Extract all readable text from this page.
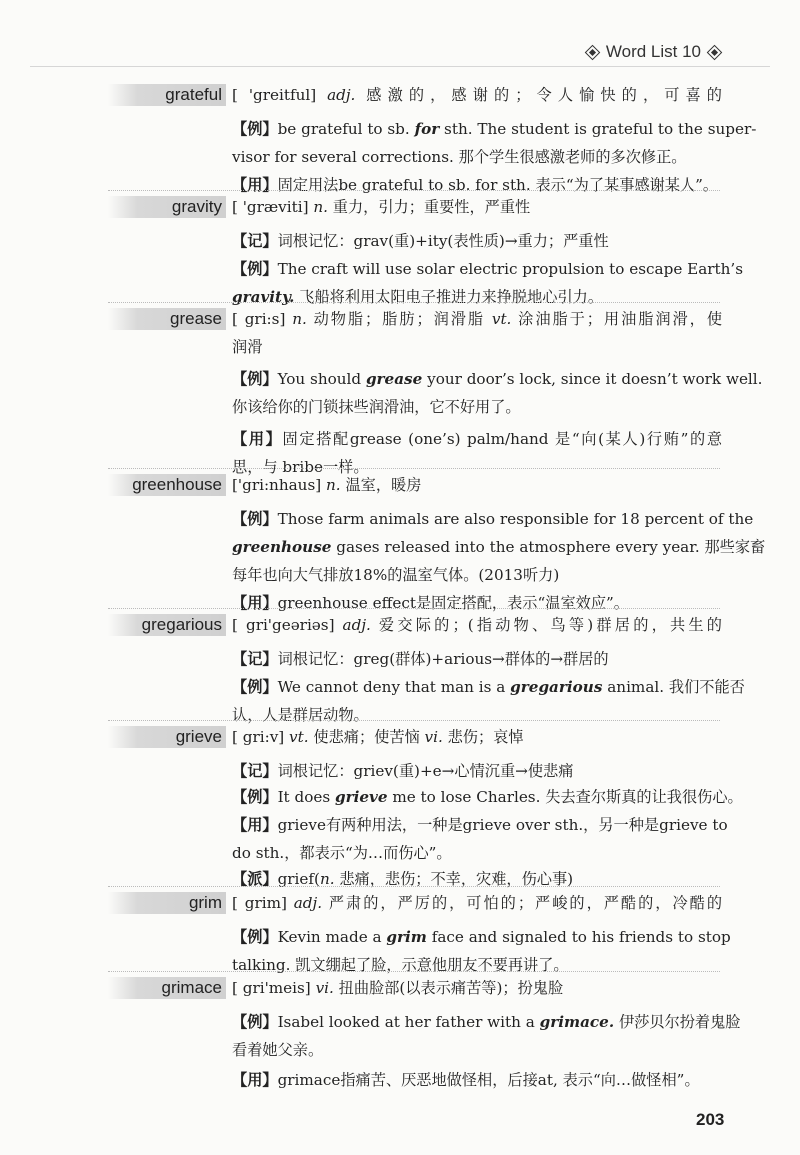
Word List 10
grateful [ 'greitful] adj. 感激的，感谢的；令人愉快的，可喜的
【例】be grateful to sb. for sth. The student is grateful to the super-
visor for several corrections. 那个学生很感激老师的多次修正。
【用】固定用法be grateful to sb. for sth. 表示“为了某事感谢某人”。
gravity [ 'græviti] n. 重力，引力；重要性，严重性
【记】词根记忆：grav(重)+ity(表性质)→重力；严重性
【例】The craft will use solar electric propulsion to escape Earth’s
gravity. 飞船将利用太阳电子推进力来挣脱地心引力。
grease [ gri:s] n. 动物脂；脂肪；润滑脂 vt. 涂油脂于；用油脂润滑，使
润滑
【例】You should grease your door’s lock, since it doesn’t work well.
你该给你的门锁抹些润滑油，它不好用了。
【用】固定搭配grease (one’s) palm/hand 是“向(某人)行贿”的意
思，与 bribe一样。
greenhouse ['gri:nhaus] n. 温室，暖房
【例】Those farm animals are also responsible for 18 percent of the
greenhouse gases released into the atmosphere every year. 那些家畜
每年也向大气排放18%的温室气体。(2013听力)
【用】greenhouse effect是固定搭配，表示“温室效应”。
gregarious [ gri'geəriəs] adj. 爱交际的；(指动物、鸟等)群居的，共生的
【记】词根记忆：greg(群体)+arious→群体的→群居的
【例】We cannot deny that man is a gregarious animal. 我们不能否
认，人是群居动物。
grieve [ gri:v] vt. 使悲痛；使苦恼 vi. 悲伤；哀悼
【记】词根记忆：griev(重)+e→心情沉重→使悲痛
【例】It does grieve me to lose Charles. 失去查尔斯真的让我很伤心。
【用】grieve有两种用法，一种是grieve over sth.，另一种是grieve to
do sth.，都表示“为…而伤心”。
【派】grief(n. 悲痛，悲伤；不幸，灾难，伤心事)
grim [ grim] adj. 严肃的，严厉的，可怕的；严峻的，严酷的，冷酷的
【例】Kevin made a grim face and signaled to his friends to stop
talking. 凯文绷起了脸，示意他朋友不要再讲了。
grimace [ gri'meis] vi. 扭曲脸部(以表示痛苦等)；扮鬼脸
【例】Isabel looked at her father with a grimace. 伊莎贝尔扮着鬼脸
看着她父亲。
【用】grimace指痛苦、厌恶地做怪相，后接at, 表示“向…做怪相”。
203
